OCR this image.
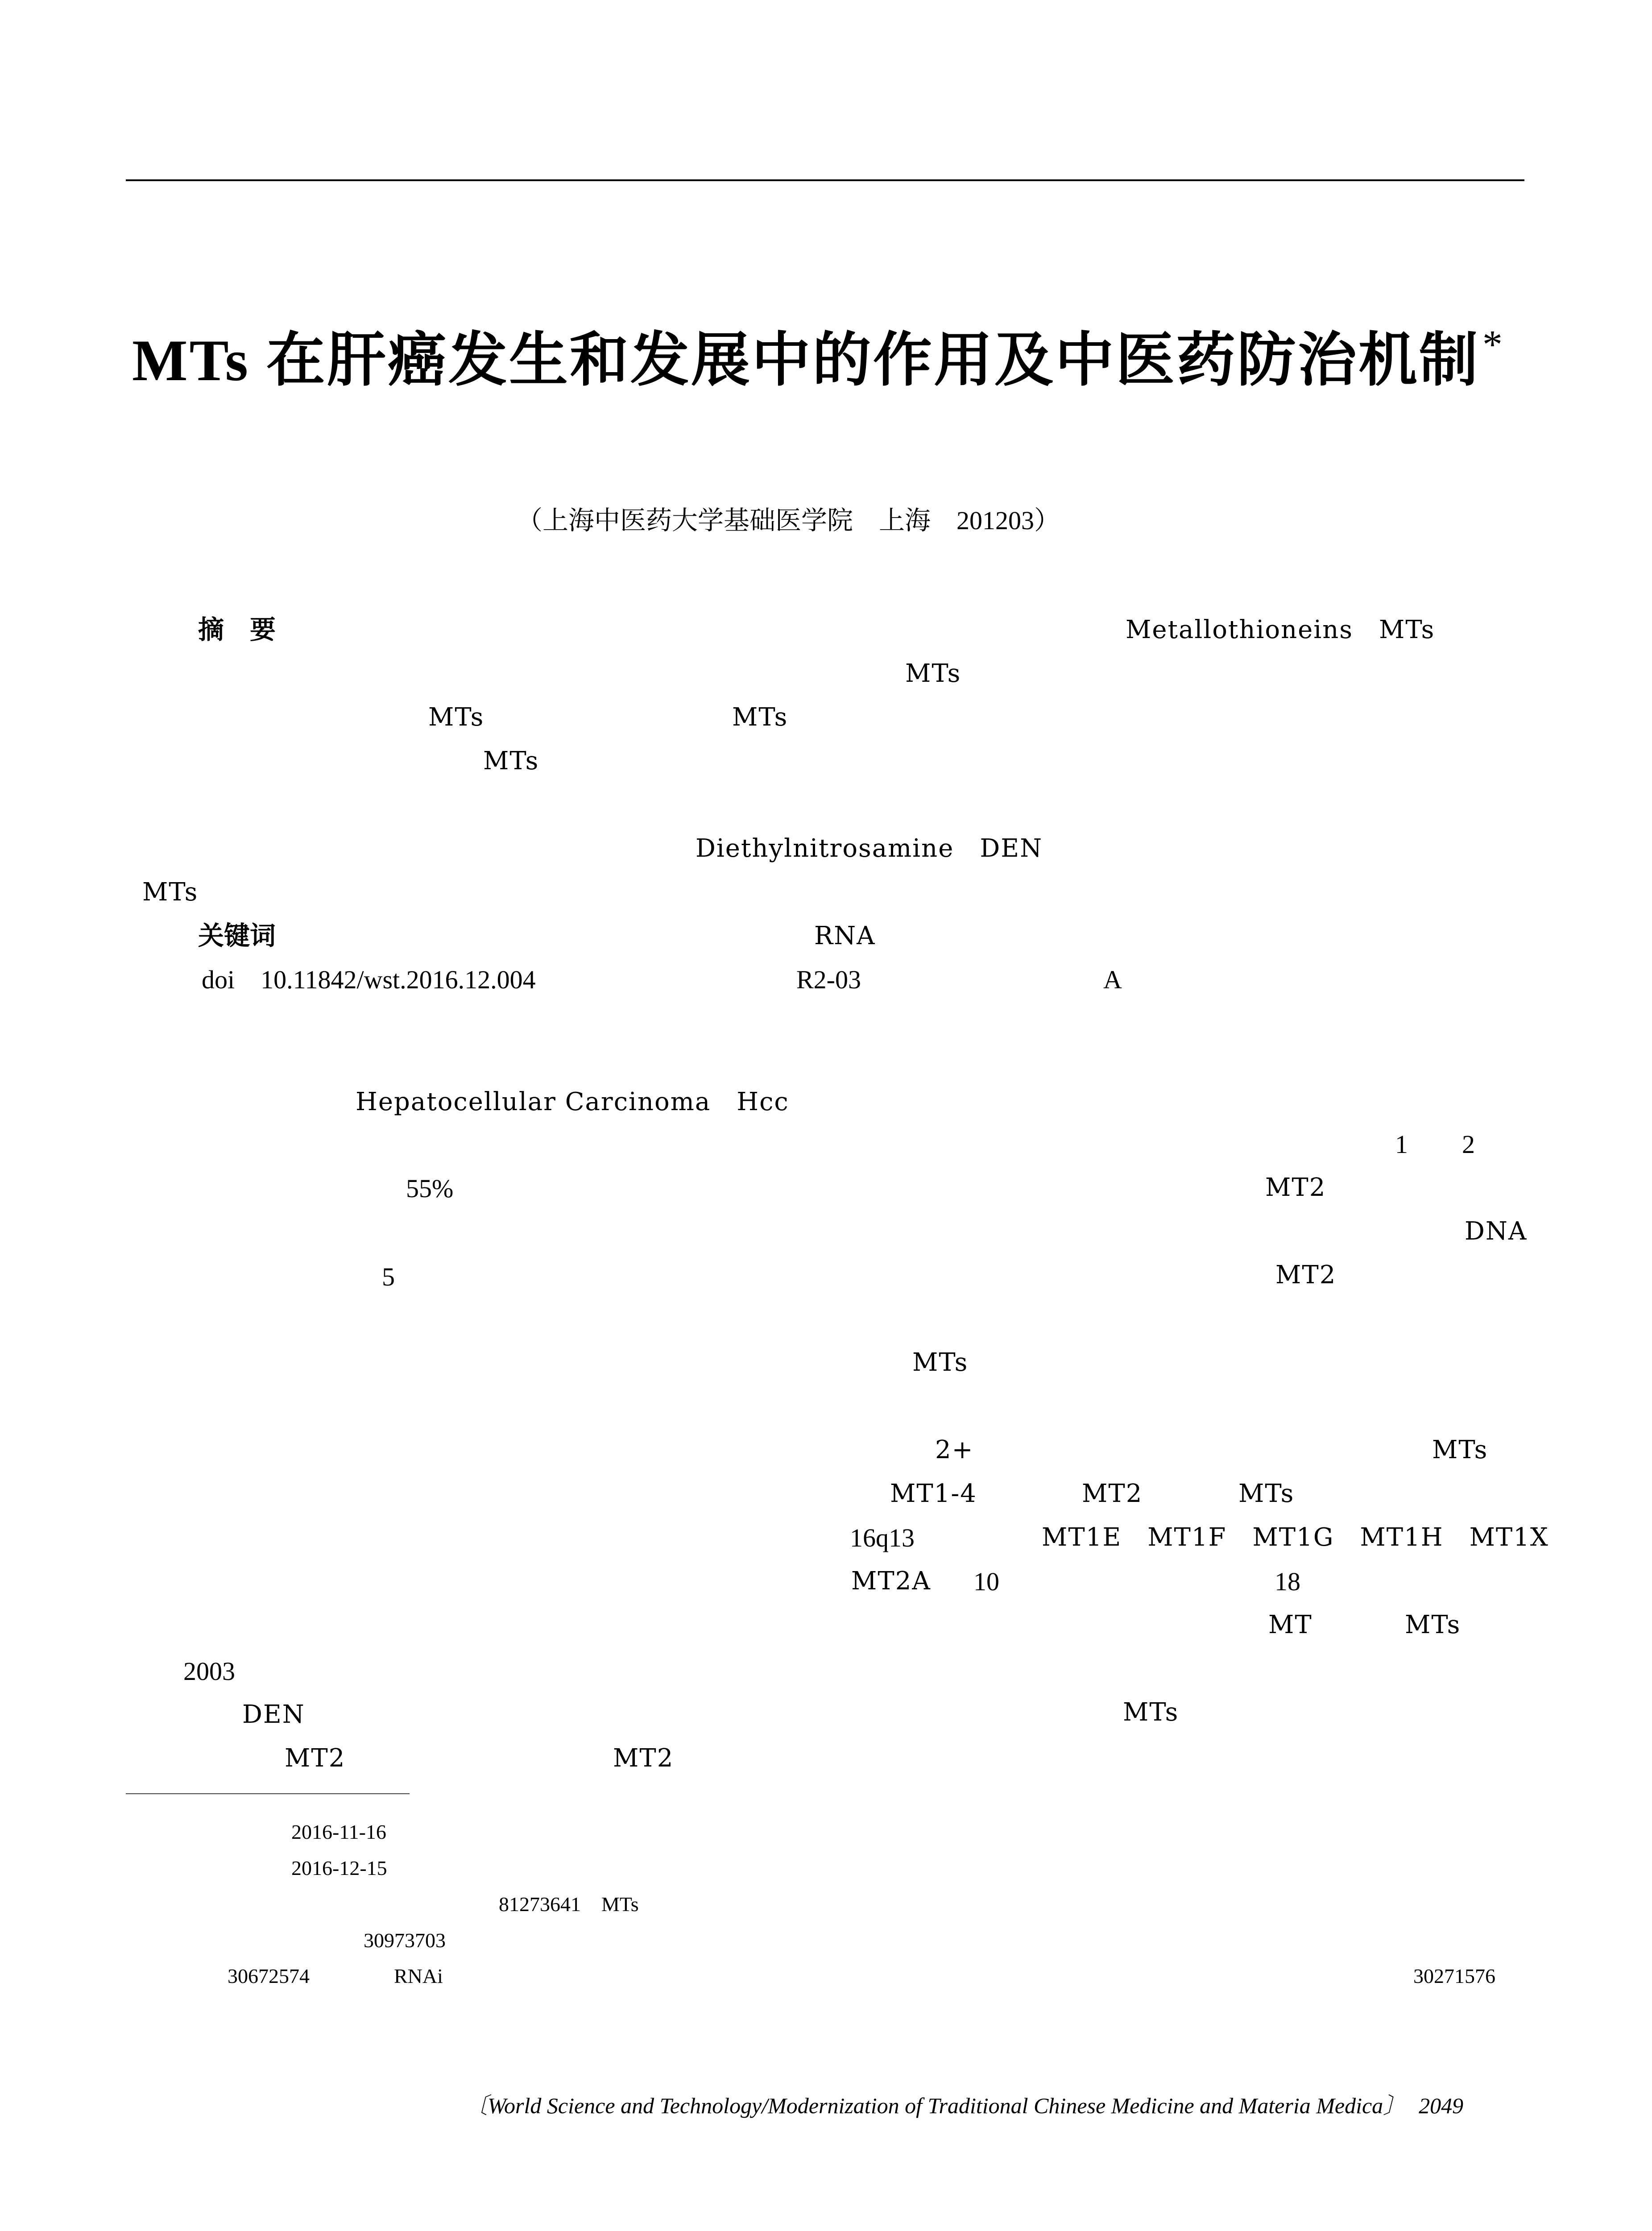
MTs 在肝癌发生和发展中的作用及中医药防治机制*
（上海中医药大学基础医学院　上海　201203）
摘　要	Metallothioneins　MTs
MTs
MTs	MTs
MTs
Diethylnitrosamine　DEN
MTs
关键词	RNA
doi　10.11842/wst.2016.12.004	R2-03	A
Hepatocellular Carcinoma　Hcc
55%
5
2003
DEN
MT2	MT2
1 2
MT2
DNA
MT2
MTs
2+	MTs
MT1-4	MT2	MTs
16q13	MT1E　MT1F　MT1G　MT1H　MT1X
MT2A 10	18
MT	MTs
MTs
2016-11-16
2016-12-15
81273641　MTs
30973703
30672574	RNAi	30271576
〔World Science and Technology/Modernization of Traditional Chinese Medicine and Materia Medica〕 2049
